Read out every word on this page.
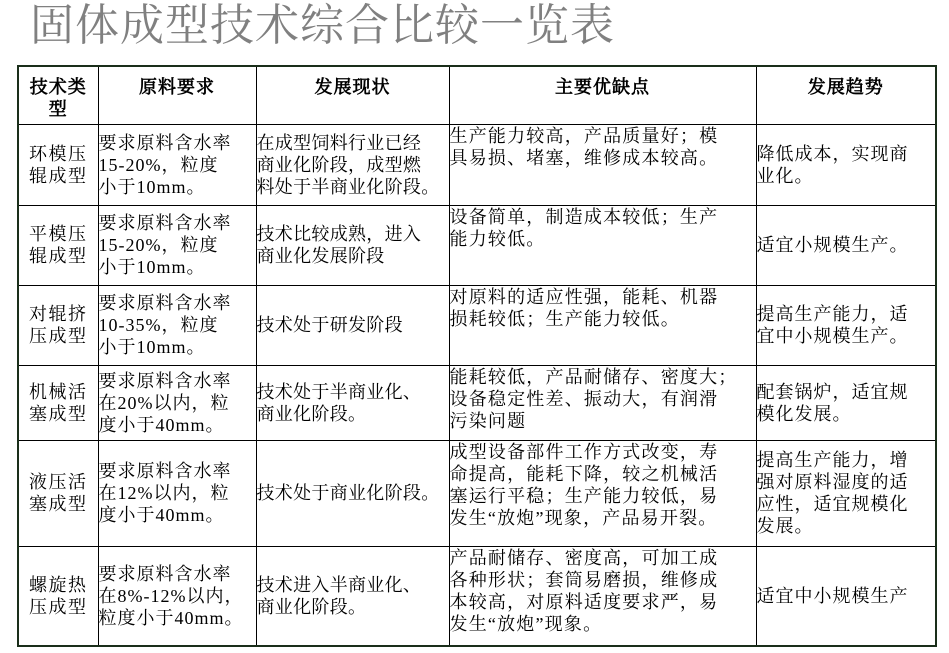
固体成型技术综合比较一览表
技术类
型	原料要求	发展现状	主要优缺点	发展趋势

环模压
辊成型	要求原料含水率
15-20%，粒度
小于10mm。	在成型饲料行业已经
商业化阶段，成型燃
料处于半商业化阶段。	生产能力较高，产品质量好；模
具易损、堵塞，维修成本较高。	降低成本，实现商
业化。

平模压
辊成型	要求原料含水率
15-20%，粒度
小于10mm。	技术比较成熟，进入
商业化发展阶段	设备简单，制造成本较低；生产
能力较低。	适宜小规模生产。

对辊挤
压成型	要求原料含水率
10-35%，粒度
小于10mm。	技术处于研发阶段	对原料的适应性强，能耗、机器
损耗较低；生产能力较低。	提高生产能力，适
宜中小规模生产。

机械活
塞成型	要求原料含水率
在20%以内，粒
度小于40mm。	技术处于半商业化、
商业化阶段。	能耗较低，产品耐储存、密度大；
设备稳定性差、振动大，有润滑
污染问题	配套锅炉，适宜规
模化发展。

液压活
塞成型	要求原料含水率
在12%以内，粒
度小于40mm。	技术处于商业化阶段。	成型设备部件工作方式改变，寿
命提高，能耗下降，较之机械活
塞运行平稳；生产能力较低，易
发生“放炮”现象，产品易开裂。	提高生产能力，增
强对原料湿度的适
应性，适宜规模化
发展。

螺旋热
压成型	要求原料含水率
在8%-12%以内，
粒度小于40mm。	技术进入半商业化、
商业化阶段。	产品耐储存、密度高，可加工成
各种形状；套筒易磨损，维修成
本较高，对原料适度要求严，易
发生“放炮”现象。	适宜中小规模生产
